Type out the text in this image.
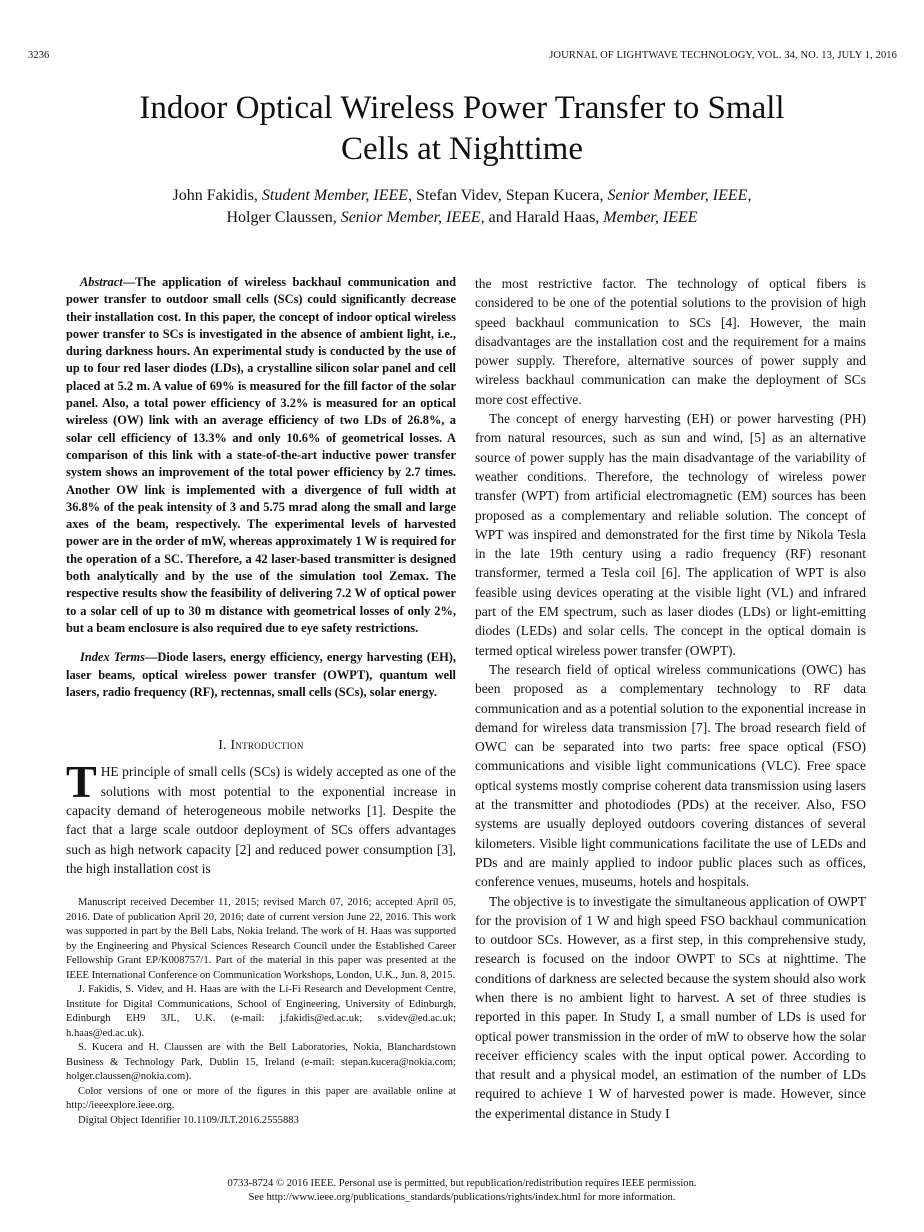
3236	JOURNAL OF LIGHTWAVE TECHNOLOGY, VOL. 34, NO. 13, JULY 1, 2016
Indoor Optical Wireless Power Transfer to Small
Cells at Nighttime
John Fakidis, Student Member, IEEE, Stefan Videv, Stepan Kucera, Senior Member, IEEE,
Holger Claussen, Senior Member, IEEE, and Harald Haas, Member, IEEE

Abstract—The application of wireless backhaul communication and power transfer to outdoor small cells (SCs) could significantly decrease their installation cost. In this paper, the concept of indoor optical wireless power transfer to SCs is investigated in the absence of ambient light, i.e., during darkness hours. An experimental study is conducted by the use of up to four red laser diodes (LDs), a crystalline silicon solar panel and cell placed at 5.2 m. A value of 69% is measured for the fill factor of the solar panel. Also, a total power efficiency of 3.2% is measured for an optical wireless (OW) link with an average efficiency of two LDs of 26.8%, a solar cell efficiency of 13.3% and only 10.6% of geometrical losses. A comparison of this link with a state-of-the-art inductive power transfer system shows an improvement of the total power efficiency by 2.7 times. Another OW link is implemented with a divergence of full width at 36.8% of the peak intensity of 3 and 5.75 mrad along the small and large axes of the beam, respectively. The experimental levels of harvested power are in the order of mW, whereas approximately 1 W is required for the operation of a SC. Therefore, a 42 laser-based transmitter is designed both analytically and by the use of the simulation tool Zemax. The respective results show the feasibility of delivering 7.2 W of optical power to a solar cell of up to 30 m distance with geometrical losses of only 2%, but a beam enclosure is also required due to eye safety restrictions.

Index Terms—Diode lasers, energy efficiency, energy harvesting (EH), laser beams, optical wireless power transfer (OWPT), quantum well lasers, radio frequency (RF), rectennas, small cells (SCs), solar energy.

I. Introduction

THE principle of small cells (SCs) is widely accepted as one of the solutions with most potential to the exponential increase in capacity demand of heterogeneous mobile networks [1]. Despite the fact that a large scale outdoor deployment of SCs offers advantages such as high network capacity [2] and reduced power consumption [3], the high installation cost is

Manuscript received December 11, 2015; revised March 07, 2016; accepted April 05, 2016. Date of publication April 20, 2016; date of current version June 22, 2016. This work was supported in part by the Bell Labs, Nokia Ireland. The work of H. Haas was supported by the Engineering and Physical Sciences Research Council under the Established Career Fellowship Grant EP/K008757/1. Part of the material in this paper was presented at the IEEE International Conference on Communication Workshops, London, U.K., Jun. 8, 2015.

J. Fakidis, S. Videv, and H. Haas are with the Li-Fi Research and Development Centre, Institute for Digital Communications, School of Engineering, University of Edinburgh, Edinburgh EH9 3JL, U.K. (e-mail: j.fakidis@ed.ac.uk; s.videv@ed.ac.uk; h.haas@ed.ac.uk).

S. Kucera and H. Claussen are with the Bell Laboratories, Nokia, Blanchardstown Business & Technology Park, Dublin 15, Ireland (e-mail: stepan.kucera@nokia.com; holger.claussen@nokia.com).

Color versions of one or more of the figures in this paper are available online at http://ieeexplore.ieee.org.

Digital Object Identifier 10.1109/JLT.2016.2555883

the most restrictive factor. The technology of optical fibers is considered to be one of the potential solutions to the provision of high speed backhaul communication to SCs [4]. However, the main disadvantages are the installation cost and the requirement for a mains power supply. Therefore, alternative sources of power supply and wireless backhaul communication can make the deployment of SCs more cost effective.

The concept of energy harvesting (EH) or power harvesting (PH) from natural resources, such as sun and wind, [5] as an alternative source of power supply has the main disadvantage of the variability of weather conditions. Therefore, the technology of wireless power transfer (WPT) from artificial electromagnetic (EM) sources has been proposed as a complementary and reliable solution. The concept of WPT was inspired and demonstrated for the first time by Nikola Tesla in the late 19th century using a radio frequency (RF) resonant transformer, termed a Tesla coil [6]. The application of WPT is also feasible using devices operating at the visible light (VL) and infrared part of the EM spectrum, such as laser diodes (LDs) or light-emitting diodes (LEDs) and solar cells. The concept in the optical domain is termed optical wireless power transfer (OWPT).

The research field of optical wireless communications (OWC) has been proposed as a complementary technology to RF data communication and as a potential solution to the exponential increase in demand for wireless data transmission [7]. The broad research field of OWC can be separated into two parts: free space optical (FSO) communications and visible light communications (VLC). Free space optical systems mostly comprise coherent data transmission using lasers at the transmitter and photodiodes (PDs) at the receiver. Also, FSO systems are usually deployed outdoors covering distances of several kilometers. Visible light communications facilitate the use of LEDs and PDs and are mainly applied to indoor public places such as offices, conference venues, museums, hotels and hospitals.

The objective is to investigate the simultaneous application of OWPT for the provision of 1 W and high speed FSO backhaul communication to outdoor SCs. However, as a first step, in this comprehensive study, research is focused on the indoor OWPT to SCs at nighttime. The conditions of darkness are selected because the system should also work when there is no ambient light to harvest. A set of three studies is reported in this paper. In Study I, a small number of LDs is used for optical power transmission in the order of mW to observe how the solar receiver efficiency scales with the input optical power. According to that result and a physical model, an estimation of the number of LDs required to achieve 1 W of harvested power is made. However, since the experimental distance in Study I

0733-8724 © 2016 IEEE. Personal use is permitted, but republication/redistribution requires IEEE permission.
See http://www.ieee.org/publications_standards/publications/rights/index.html for more information.
